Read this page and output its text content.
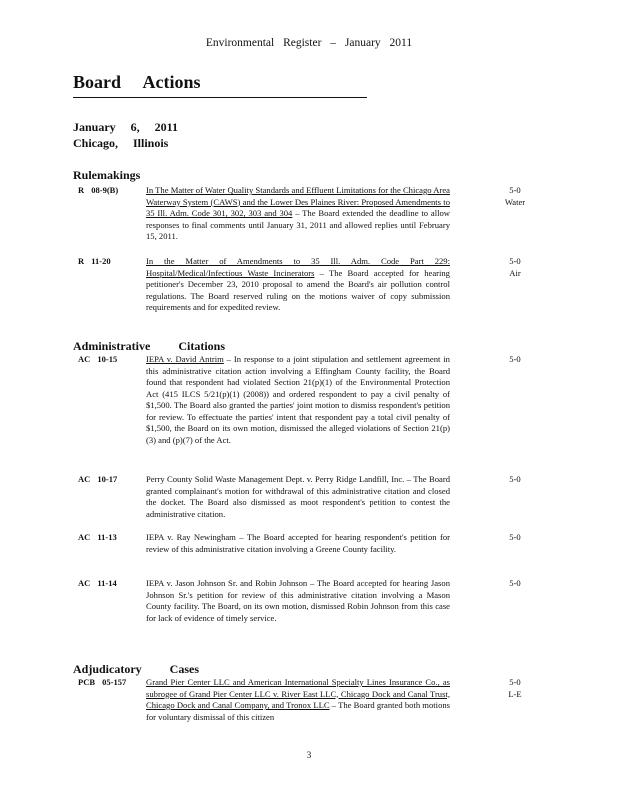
Environmental Register – January 2011
Board Actions
January 6, 2011
Chicago, Illinois
Rulemakings
R 08-9(B)	In The Matter of Water Quality Standards and Effluent Limitations for the Chicago Area Waterway System (CAWS) and the Lower Des Plaines River: Proposed Amendments to 35 Ill. Adm. Code 301, 302, 303 and 304 – The Board extended the deadline to allow responses to final comments until January 31, 2011 and allowed replies until February 15, 2011.

5-0
Water
R 11-20	In the Matter of Amendments to 35 Ill. Adm. Code Part 229: Hospital/Medical/Infectious Waste Incinerators – The Board accepted for hearing petitioner's December 23, 2010 proposal to amend the Board's air pollution control regulations. The Board reserved ruling on the motions waiver of copy submission requirements and for expedited review.

5-0
Air
Administrative Citations
AC 10-15	IEPA v. David Antrim – In response to a joint stipulation and settlement agreement in this administrative citation action involving a Effingham County facility, the Board found that respondent had violated Section 21(p)(1) of the Environmental Protection Act (415 ILCS 5/21(p)(1) (2008)) and ordered respondent to pay a civil penalty of $1,500. The Board also granted the parties' joint motion to dismiss respondent's petition for review. To effectuate the parties' intent that respondent pay a total civil penalty of $1,500, the Board on its own motion, dismissed the alleged violations of Section 21(p)(3) and (p)(7) of the Act.

5-0
AC 10-17	Perry County Solid Waste Management Dept. v. Perry Ridge Landfill, Inc. – The Board granted complainant's motion for withdrawal of this administrative citation and closed the docket. The Board also dismissed as moot respondent's petition to contest the administrative citation.

5-0
AC 11-13	IEPA v. Ray Newingham – The Board accepted for hearing respondent's petition for review of this administrative citation involving a Greene County facility.

5-0
AC 11-14	IEPA v. Jason Johnson Sr. and Robin Johnson – The Board accepted for hearing Jason Johnson Sr.'s petition for review of this administrative citation involving a Mason County facility. The Board, on its own motion, dismissed Robin Johnson from this case for lack of evidence of timely service.

5-0
Adjudicatory Cases
PCB 05-157 Grand Pier Center LLC and American International Specialty Lines Insurance Co., as subrogee of Grand Pier Center LLC v. River East LLC, Chicago Dock and Canal Trust, Chicago Dock and Canal Company, and Tronox LLC – The Board granted both motions for voluntary dismissal of this citizen

5-0
L-E
3
